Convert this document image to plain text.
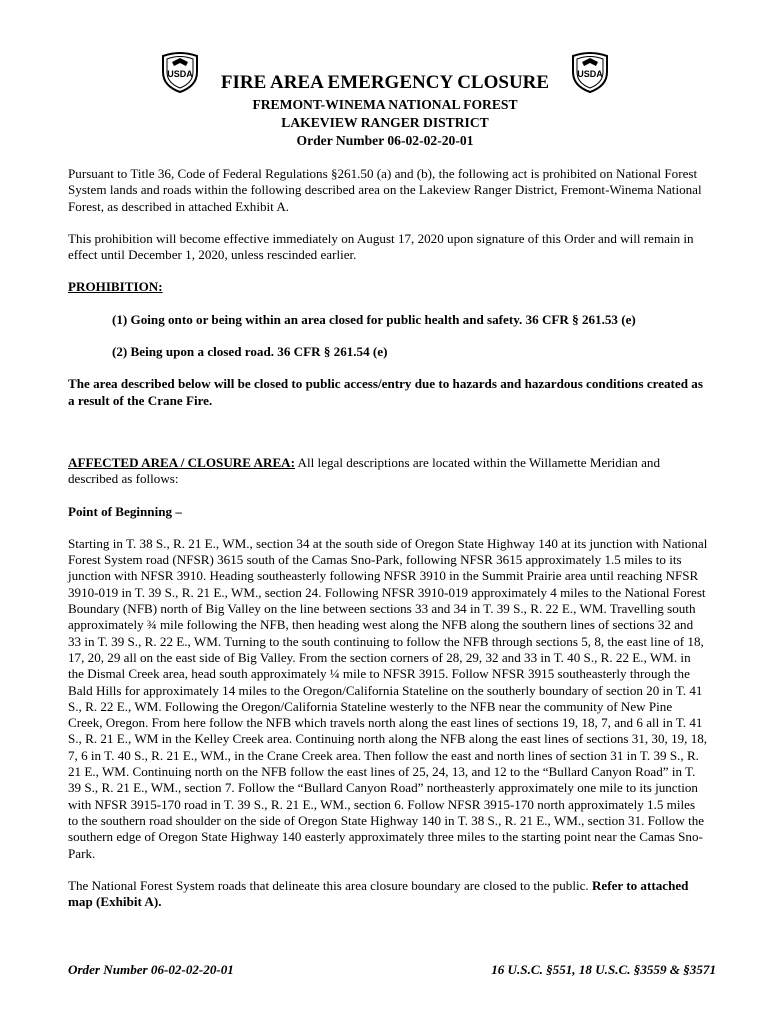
USDA	USDA
FIRE AREA EMERGENCY CLOSURE
FREMONT-WINEMA NATIONAL FOREST
LAKEVIEW RANGER DISTRICT
Order Number 06-02-02-20-01

Pursuant to Title 36, Code of Federal Regulations §261.50 (a) and (b), the following act is prohibited on National Forest System lands and roads within the following described area on the Lakeview Ranger District, Fremont-Winema National Forest, as described in attached Exhibit A.

This prohibition will become effective immediately on August 17, 2020 upon signature of this Order and will remain in effect until December 1, 2020, unless rescinded earlier.

PROHIBITION:

(1) Going onto or being within an area closed for public health and safety. 36 CFR § 261.53 (e)

(2) Being upon a closed road. 36 CFR § 261.54 (e)

The area described below will be closed to public access/entry due to hazards and hazardous conditions created as a result of the Crane Fire.

AFFECTED AREA / CLOSURE AREA: All legal descriptions are located within the Willamette Meridian and described as follows:

Point of Beginning –

Starting in T. 38 S., R. 21 E., WM., section 34 at the south side of Oregon State Highway 140 at its junction with National Forest System road (NFSR) 3615 south of the Camas Sno-Park, following NFSR 3615 approximately 1.5 miles to its junction with NFSR 3910. Heading southeasterly following NFSR 3910 in the Summit Prairie area until reaching NFSR 3910-019 in T. 39 S., R. 21 E., WM., section 24. Following NFSR 3910-019 approximately 4 miles to the National Forest Boundary (NFB) north of Big Valley on the line between sections 33 and 34 in T. 39 S., R. 22 E., WM. Travelling south approximately ¾ mile following the NFB, then heading west along the NFB along the southern lines of sections 32 and 33 in T. 39 S., R. 22 E., WM. Turning to the south continuing to follow the NFB through sections 5, 8, the east line of 18, 17, 20, 29 all on the east side of Big Valley. From the section corners of 28, 29, 32 and 33 in T. 40 S., R. 22 E., WM. in the Dismal Creek area, head south approximately ¼ mile to NFSR 3915. Follow NFSR 3915 southeasterly through the Bald Hills for approximately 14 miles to the Oregon/California Stateline on the southerly boundary of section 20 in T. 41 S., R. 22 E., WM. Following the Oregon/California Stateline westerly to the NFB near the community of New Pine Creek, Oregon. From here follow the NFB which travels north along the east lines of sections 19, 18, 7, and 6 all in T. 41 S., R. 21 E., WM in the Kelley Creek area. Continuing north along the NFB along the east lines of sections 31, 30, 19, 18, 7, 6 in T. 40 S., R. 21 E., WM., in the Crane Creek area. Then follow the east and north lines of section 31 in T. 39 S., R. 21 E., WM. Continuing north on the NFB follow the east lines of 25, 24, 13, and 12 to the “Bullard Canyon Road” in T. 39 S., R. 21 E., WM., section 7. Follow the “Bullard Canyon Road” northeasterly approximately one mile to its junction with NFSR 3915-170 road in T. 39 S., R. 21 E., WM., section 6. Follow NFSR 3915-170 north approximately 1.5 miles to the southern road shoulder on the side of Oregon State Highway 140 in T. 38 S., R. 21 E., WM., section 31. Follow the southern edge of Oregon State Highway 140 easterly approximately three miles to the starting point near the Camas Sno-Park.

The National Forest System roads that delineate this area closure boundary are closed to the public. Refer to attached map (Exhibit A).

Order Number 06-02-02-20-01	16 U.S.C. §551, 18 U.S.C. §3559 & §3571
